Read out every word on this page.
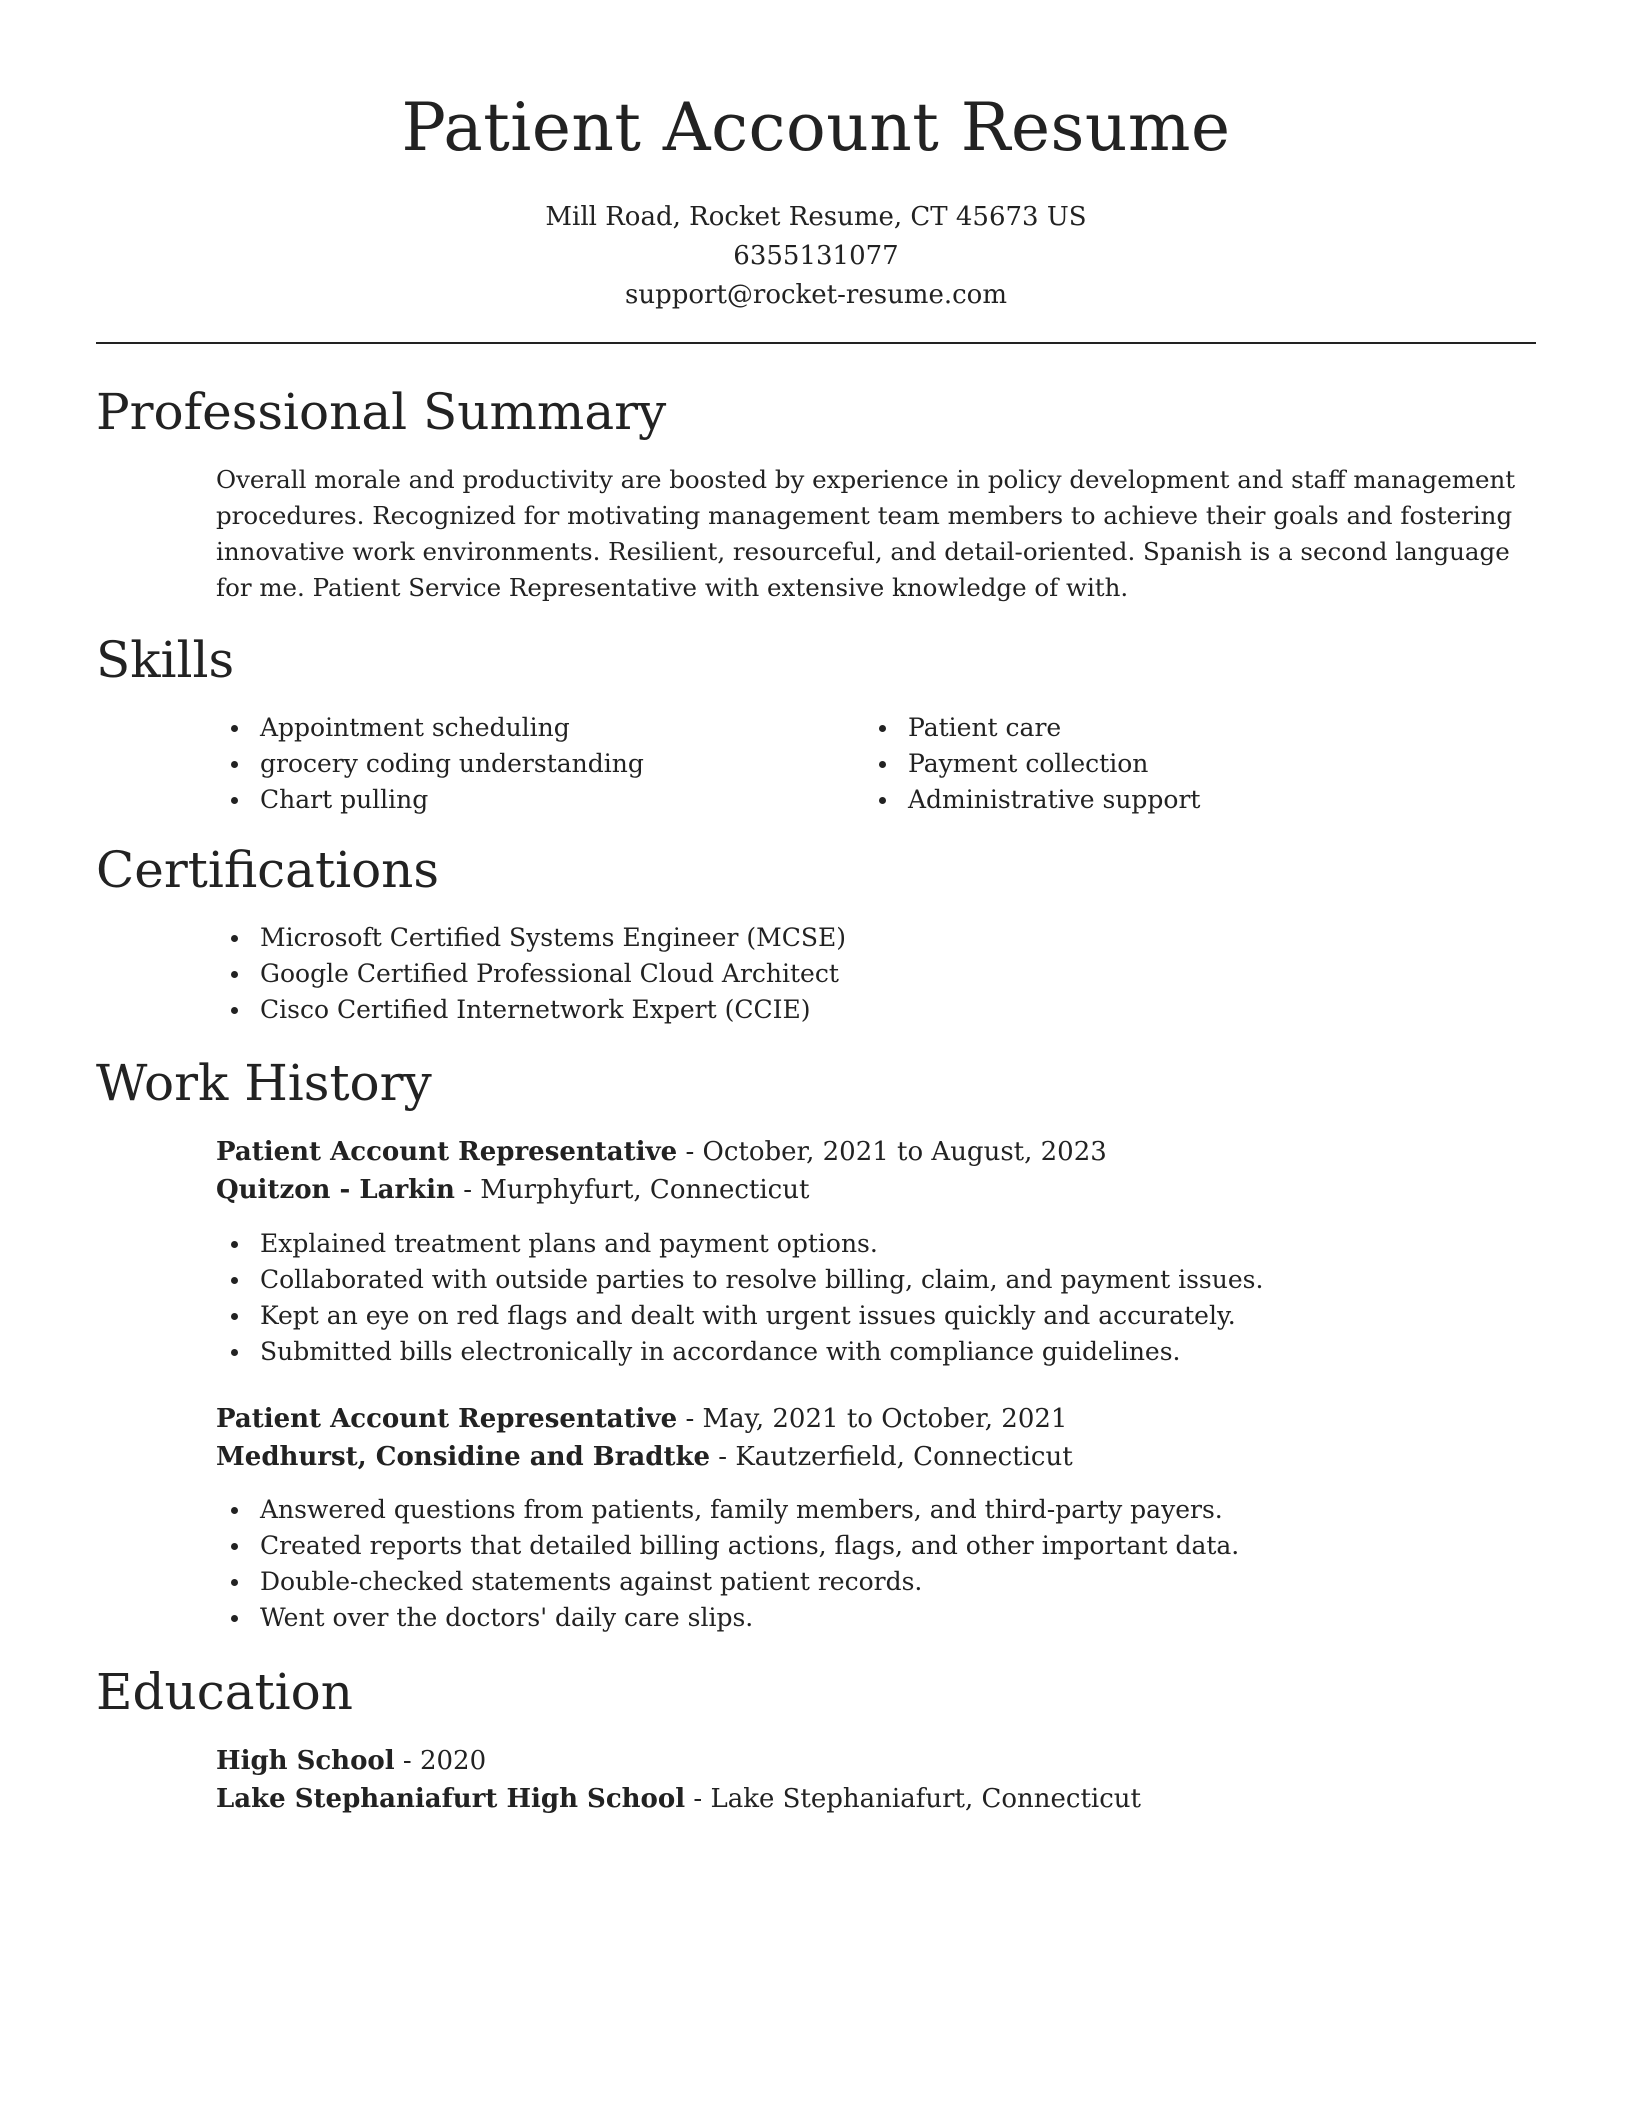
Patient Account Resume
Mill Road, Rocket Resume, CT 45673 US
6355131077
support@rocket-resume.com
Professional Summary
Overall morale and productivity are boosted by experience in policy development and staff management procedures. Recognized for motivating management team members to achieve their goals and fostering innovative work environments. Resilient, resourceful, and detail-oriented. Spanish is a second language for me. Patient Service Representative with extensive knowledge of with.
Skills
Appointment scheduling
grocery coding understanding
Chart pulling
Patient care
Payment collection
Administrative support
Certifications
Microsoft Certified Systems Engineer (MCSE)
Google Certified Professional Cloud Architect
Cisco Certified Internetwork Expert (CCIE)
Work History
Patient Account Representative - October, 2021 to August, 2023
Quitzon - Larkin - Murphyfurt, Connecticut
Explained treatment plans and payment options.
Collaborated with outside parties to resolve billing, claim, and payment issues.
Kept an eye on red flags and dealt with urgent issues quickly and accurately.
Submitted bills electronically in accordance with compliance guidelines.
Patient Account Representative - May, 2021 to October, 2021
Medhurst, Considine and Bradtke - Kautzerfield, Connecticut
Answered questions from patients, family members, and third-party payers.
Created reports that detailed billing actions, flags, and other important data.
Double-checked statements against patient records.
Went over the doctors' daily care slips.
Education
High School - 2020
Lake Stephaniafurt High School - Lake Stephaniafurt, Connecticut
